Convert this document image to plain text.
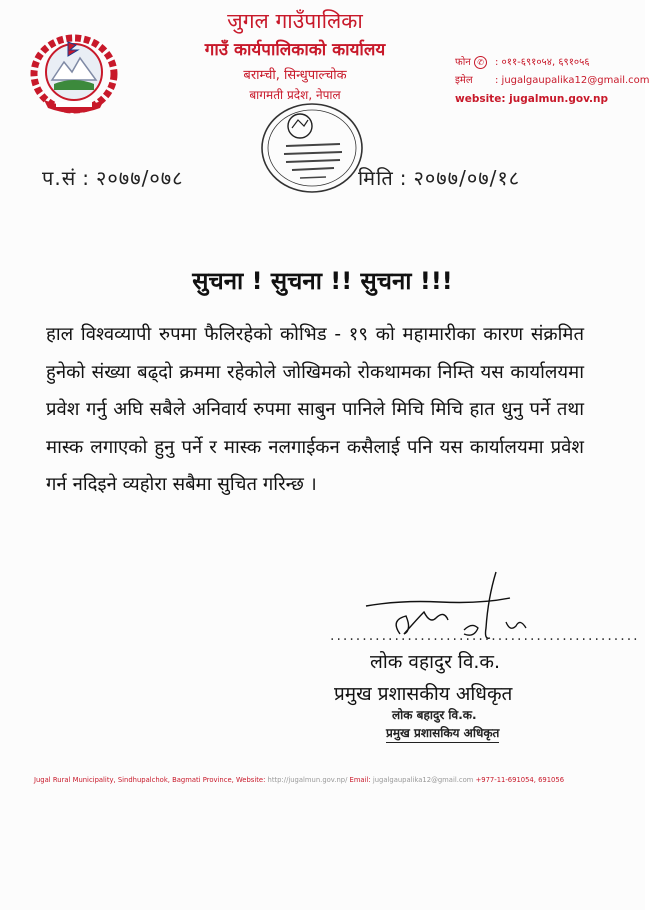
जुगल गाउँपालिका
गाउँ कार्यपालिकाको कार्यालय
बराम्ची, सिन्धुपाल्चोक
बागमती प्रदेश, नेपाल
फोन ✆ : ०११-६९१०५४, ६९१०५६
इमेल : jugalgaupalika12@gmail.com
website: jugalmun.gov.np
प.सं : २०७७/०७८	मिति : २०७७/०७/१८
सुचना ! सुचना !! सुचना !!!
हाल विश्वव्यापी रुपमा फैलिरहेको कोभिड - १९ को महामारीका कारण संक्रमित हुनेको संख्या बढ्दो क्रममा रहेकोले जोखिमको रोकथामका निम्ति यस कार्यालयमा प्रवेश गर्नु अघि सबैले अनिवार्य रुपमा साबुन पानिले मिचि मिचि हात धुनु पर्ने तथा मास्क लगाएको हुनु पर्ने र मास्क नलगाईकन कसैलाई पनि यस कार्यालयमा प्रवेश गर्न नदिइने व्यहोरा सबैमा सुचित गरिन्छ ।
................................................
लोक वहादुर वि.क.
प्रमुख प्रशासकीय अधिकृत
लोक बहादुर वि.क.
प्रमुख प्रशासकिय अधिकृत
Jugal Rural Municipality, Sindhupalchok, Bagmati Province, Website: http://jugalmun.gov.np/ Email: jugalgaupalika12@gmail.com +977-11-691054, 691056
